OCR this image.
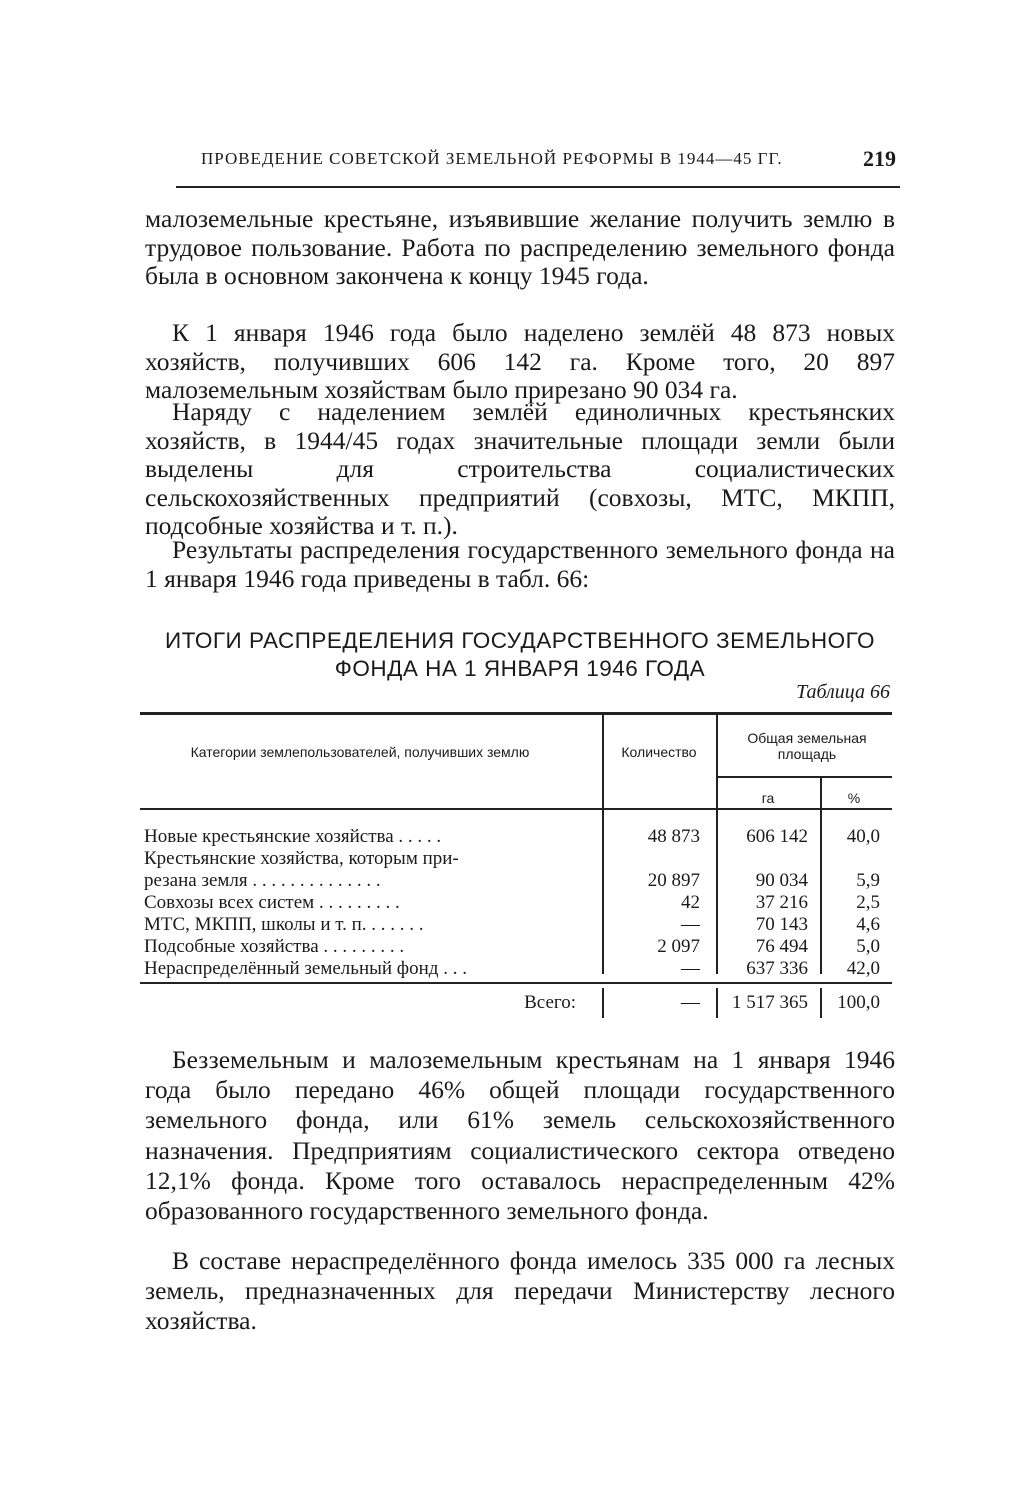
ПРОВЕДЕНИЕ СОВЕТСКОЙ ЗЕМЕЛЬНОЙ РЕФОРМЫ В 1944—45 ГГ.	219

малоземельные крестьяне, изъявившие желание получить землю в трудовое пользование. Работа по распределению земельного фонда была в основном закончена к концу 1945 года.

К 1 января 1946 года было наделено землёй 48 873 новых хозяйств, получивших 606 142 га. Кроме того, 20 897 малоземельным хозяйствам было прирезано 90 034 га.

Наряду с наделением землёй единоличных крестьянских хозяйств, в 1944/45 годах значительные площади земли были выделены для строительства социалистических сельскохозяйственных предприятий (совхозы, МТС, МКПП, подсобные хозяйства и т. п.).

Результаты распределения государственного земельного фонда на 1 января 1946 года приведены в табл. 66:

ИТОГИ РАСПРЕДЕЛЕНИЯ ГОСУДАРСТВЕННОГО ЗЕМЕЛЬНОГО

ФОНДА НА 1 ЯНВАРЯ 1946 ГОДА

Таблица 66
Категории землепользователей, получивших землю	Количество
Общая земельная площадь
га	%
Новые крестьянские хозяйства . . . . .	48 873	606 142	40,0
Крестьянские хозяйства, которым при-
резана земля . . . . . . . . . . . . . .	20 897	90 034	5,9
Совхозы всех систем . . . . . . . . .	42	37 216	2,5
МТС, МКПП, школы и т. п. . . . . . .	—	70 143	4,6
Подсобные хозяйства . . . . . . . . .	2 097	76 494	5,0
Нераспределённый земельный фонд . . .	—	637 336	42,0
Всего:	—	1 517 365	100,0

Безземельным и малоземельным крестьянам на 1 января 1946 года было передано 46% общей площади государственного земельного фонда, или 61% земель сельскохозяйственного назначения. Предприятиям социалистического сектора отведено 12,1% фонда. Кроме того оставалось нераспределенным 42% образованного государственного земельного фонда.

В составе нераспределённого фонда имелось 335 000 га лесных земель, предназначенных для передачи Министерству лесного хозяйства.
